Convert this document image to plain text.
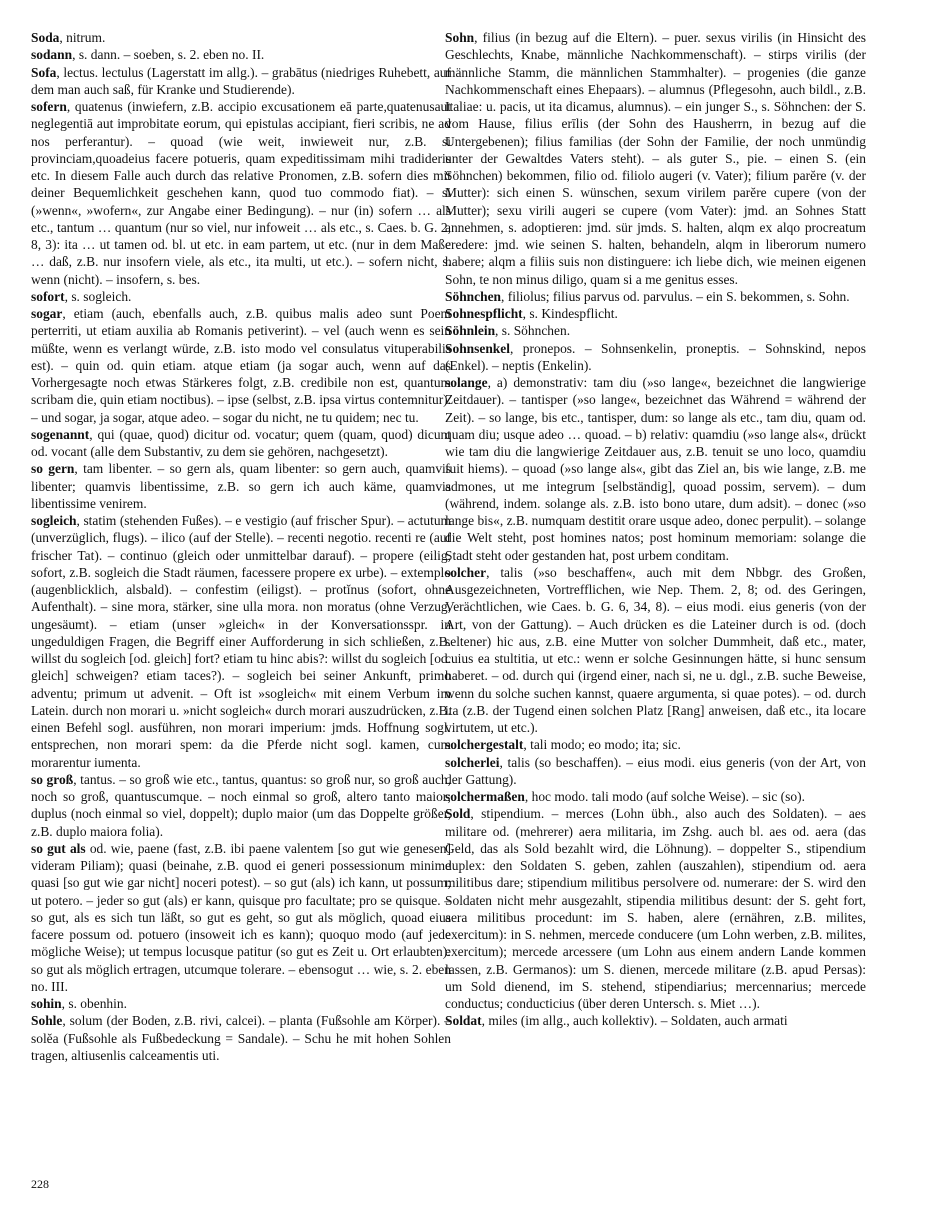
Soda, nitrum.

sodann, s. dann. – soeben, s. 2. eben no. II.

Sofa, lectus. lectulus (Lagerstatt im allg.). – grabātus (niedriges Ruhebett, auf dem man auch saß, für Kranke und Studierende).

sofern, quatenus (inwiefern, z.B. accipio excusationem eā parte,quatenusaut neglegentiā aut improbitate eorum, qui epistulas accipiant, fieri scribis, ne ad nos perferantur). – quoad (wie weit, inwieweit nur, z.B. si provinciam,quoadeius facere potueris, quam expeditissimam mihi tradideris etc. In diesem Falle auch durch das relative Pronomen, z.B. sofern dies mit deiner Bequemlichkeit geschehen kann, quod tuo commodo fiat). – si (»wenn«, »wofern«, zur Angabe einer Bedingung). – nur (in) sofern … als etc., tantum … quantum (nur so viel, nur infoweit … als etc., s. Caes. b. G. 2, 8, 3): ita … ut tamen od. bl. ut etc. in eam partem, ut etc. (nur in dem Maße … daß, z.B. nur insofern viele, als etc., ita multi, ut etc.). – sofern nicht, s. wenn (nicht). – insofern, s. bes.

sofort, s. sogleich.

sogar, etiam (auch, ebenfalls auch, z.B. quibus malis adeo sunt Poeni perterriti, ut etiam auxilia ab Romanis petiverint). – vel (auch wenn es sein müßte, wenn es verlangt würde, z.B. isto modo vel consulatus vituperabilis est). – quin od. quin etiam. atque etiam (ja sogar auch, wenn auf das Vorhergesagte noch etwas Stärkeres folgt, z.B. credibile non est, quantum scribam die, quin etiam noctibus). – ipse (selbst, z.B. ipsa virtus contemnitur). – und sogar, ja sogar, atque adeo. – sogar du nicht, ne tu quidem; nec tu.

sogenannt, qui (quae, quod) dicitur od. vocatur; quem (quam, quod) dicunt od. vocant (alle dem Substantiv, zu dem sie gehören, nachgesetzt).

so gern, tam libenter. – so gern als, quam libenter: so gern auch, quamvis libenter; quamvis libentissime, z.B. so gern ich auch käme, quamvis libentissime venirem.

sogleich, statim (stehenden Fußes). – e vestigio (auf frischer Spur). – actutum (unverzüglich, flugs). – ilico (auf der Stelle). – recenti negotio. recenti re (auf frischer Tat). – continuo (gleich oder unmittelbar darauf). – propere (eilig, sofort, z.B. sogleich die Stadt räumen, facessere propere ex urbe). – extemplo (augenblicklich, alsbald). – confestim (eiligst). – protĭnus (sofort, ohne Aufenthalt). – sine mora, stärker, sine ulla mora. non moratus (ohne Verzug, ungesäumt). – etiam (unser »gleich« in der Konversationsspr. in ungeduldigen Fragen, die Begriff einer Aufforderung in sich schließen, z.B. willst du sogleich [od. gleich] fort? etiam tu hinc abis?: willst du sogleich [od. gleich] schweigen? etiam taces?). – sogleich bei seiner Ankunft, primo adventu; primum ut advenit. – Oft ist »sogleich« mit einem Verbum im Latein. durch non morari u. »nicht sogleich« durch morari auszudrücken, z.B. einen Befehl sogl. ausführen, non morari imperium: jmds. Hoffnung sogl. entsprechen, non morari spem: da die Pferde nicht sogl. kamen, cum morarentur iumenta.

so groß, tantus. – so groß wie etc., tantus, quantus: so groß nur, so groß auch, noch so groß, quantuscumque. – noch einmal so groß, altero tanto maior; duplus (noch einmal so viel, doppelt); duplo maior (um das Doppelte größer, z.B. duplo maiora folia).

so gut als od. wie, paene (fast, z.B. ibi paene valentem [so gut wie genesen] videram Piliam); quasi (beinahe, z.B. quod ei generi possessionum minime quasi [so gut wie gar nicht] noceri potest). – so gut (als) ich kann, ut possum; ut potero. – jeder so gut (als) er kann, quisque pro facultate; pro se quisque. – so gut, als es sich tun läßt, so gut es geht, so gut als möglich, quoad eius facere possum od. potuero (insoweit ich es kann); quoquo modo (auf jede mögliche Weise); ut tempus locusque patitur (so gut es Zeit u. Ort erlaubten): so gut als möglich ertragen, utcumque tolerare. – ebensogut … wie, s. 2. eben no. III.

sohin, s. obenhin.

Sohle, solum (der Boden, z.B. rivi, calcei). – planta (Fußsohle am Körper). – solĕa (Fußsohle als Fußbedeckung = Sandale). – Schu he mit hohen Sohlen tragen, altiusenlis calceamentis uti.

Sohn, filius (in bezug auf die Eltern). – puer. sexus virilis (in Hinsicht des Geschlechts, Knabe, männliche Nachkommenschaft). – stirps virilis (der männliche Stamm, die männlichen Stammhalter). – progenies (die ganze Nachkommenschaft eines Ehepaars). – alumnus (Pflegesohn, auch bildl., z.B. Italiae: u. pacis, ut ita dicamus, alumnus). – ein junger S., s. Söhnchen: der S. vom Hause, filius erīlis (der Sohn des Hausherrn, in bezug auf die Untergebenen); filius familias (der Sohn der Familie, der noch unmündig unter der Gewaltdes Vaters steht). – als guter S., pie. – einen S. (ein Söhnchen) bekommen, filio od. filiolo augeri (v. Vater); filium parĕre (v. der Mutter): sich einen S. wünschen, sexum virilem parĕre cupere (von der Mutter); sexu virili augeri se cupere (vom Vater): jmd. an Sohnes Statt annehmen, s. adoptieren: jmd. sür jmds. S. halten, alqm ex alqo procreatum credere: jmd. wie seinen S. halten, behandeln, alqm in liberorum numero habere; alqm a filiis suis non distinguere: ich liebe dich, wie meinen eigenen Sohn, te non minus diligo, quam si a me genitus esses.

Söhnchen, filiolus; filius parvus od. parvulus. – ein S. bekommen, s. Sohn.

Sohnespflicht, s. Kindespflicht.

Söhnlein, s. Söhnchen.

Sohnsenkel, pronepos. – Sohnsenkelin, proneptis. – Sohnskind, nepos (Enkel). – neptis (Enkelin).

solange, a) demonstrativ: tam diu (»so lange«, bezeichnet die langwierige Zeitdauer). – tantisper (»so lange«, bezeichnet das Während = während der Zeit). – so lange, bis etc., tantisper, dum: so lange als etc., tam diu, quam od. quam diu; usque adeo … quoad. – b) relativ: quamdiu (»so lange als«, drückt wie tam diu die langwierige Zeitdauer aus, z.B. tenuit se uno loco, quamdiu fuit hiems). – quoad (»so lange als«, gibt das Ziel an, bis wie lange, z.B. me admones, ut me integrum [selbständig], quoad possim, servem). – dum (während, indem. solange als. z.B. isto bono utare, dum adsit). – donec (»so lange bis«, z.B. numquam destitit orare usque adeo, donec perpulit). – solange die Welt steht, post homines natos; post hominum memoriam: solange die Stadt steht oder gestanden hat, post urbem conditam.

solcher, talis (»so beschaffen«, auch mit dem Nbbgr. des Großen, Ausgezeichneten, Vortrefflichen, wie Nep. Them. 2, 8; od. des Geringen, Verächtlichen, wie Caes. b. G. 6, 34, 8). – eius modi. eius generis (von der Art, von der Gattung). – Auch drücken es die Lateiner durch is od. (doch seltener) hic aus, z.B. eine Mutter von solcher Dummheit, daß etc., mater, cuius ea stultitia, ut etc.: wenn er solche Gesinnungen hätte, si hunc sensum haberet. – od. durch qui (irgend einer, nach si, ne u. dgl., z.B. suche Beweise, wenn du solche suchen kannst, quaere argumenta, si quae potes). – od. durch ita (z.B. der Tugend einen solchen Platz [Rang] anweisen, daß etc., ita locare virtutem, ut etc.).

solchergestalt, tali modo; eo modo; ita; sic.

solcherlei, talis (so beschaffen). – eius modi. eius generis (von der Art, von der Gattung).

solchermaßen, hoc modo. tali modo (auf solche Weise). – sic (so).

Sold, stipendium. – merces (Lohn übh., also auch des Soldaten). – aes militare od. (mehrerer) aera militaria, im Zshg. auch bl. aes od. aera (das Geld, das als Sold bezahlt wird, die Löhnung). – doppelter S., stipendium duplex: den Soldaten S. geben, zahlen (auszahlen), stipendium od. aera militibus dare; stipendium militibus persolvere od. numerare: der S. wird den Soldaten nicht mehr ausgezahlt, stipendia militibus desunt: der S. geht fort, aera militibus procedunt: im S. haben, alere (ernähren, z.B. milites, exercitum): in S. nehmen, mercede conducere (um Lohn werben, z.B. milites, exercitum); mercede arcessere (um Lohn aus einem andern Lande kommen lassen, z.B. Germanos): um S. dienen, mercede militare (z.B. apud Persas): um Sold dienend, im S. stehend, stipendiarius; mercennarius; mercede conductus; conducticius (über deren Untersch. s. Miet …).

Soldat, miles (im allg., auch kollektiv). – Soldaten, auch armati

228
